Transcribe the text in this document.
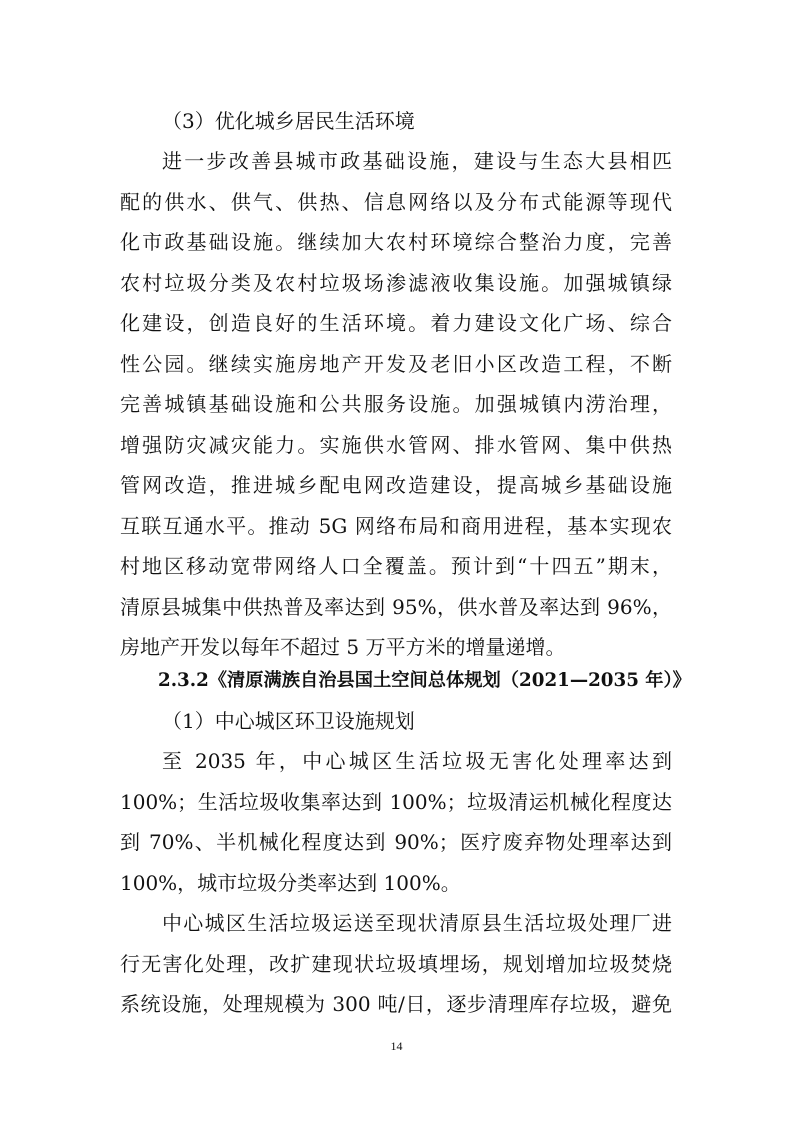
（3）优化城乡居民生活环境
进一步改善县城市政基础设施，建设与生态大县相匹
配的供水、供气、供热、信息网络以及分布式能源等现代
化市政基础设施。继续加大农村环境综合整治力度，完善
农村垃圾分类及农村垃圾场渗滤液收集设施。加强城镇绿
化建设，创造良好的生活环境。着力建设文化广场、综合
性公园。继续实施房地产开发及老旧小区改造工程，不断
完善城镇基础设施和公共服务设施。加强城镇内涝治理，
增强防灾减灾能力。实施供水管网、排水管网、集中供热
管网改造，推进城乡配电网改造建设，提高城乡基础设施
互联互通水平。推动 5G 网络布局和商用进程，基本实现农
村地区移动宽带网络人口全覆盖。预计到“十四五”期末，
清原县城集中供热普及率达到 95%，供水普及率达到 96%，
房地产开发以每年不超过 5 万平方米的增量递增。
2.3.2《清原满族自治县国土空间总体规划（2021—2035 年）》
（1）中心城区环卫设施规划
至 2035 年，中心城区生活垃圾无害化处理率达到
100%；生活垃圾收集率达到 100%；垃圾清运机械化程度达
到 70%、半机械化程度达到 90%；医疗废弃物处理率达到
100%，城市垃圾分类率达到 100%。
中心城区生活垃圾运送至现状清原县生活垃圾处理厂进
行无害化处理，改扩建现状垃圾填埋场，规划增加垃圾焚烧
系统设施，处理规模为 300 吨/日，逐步清理库存垃圾，避免
14
